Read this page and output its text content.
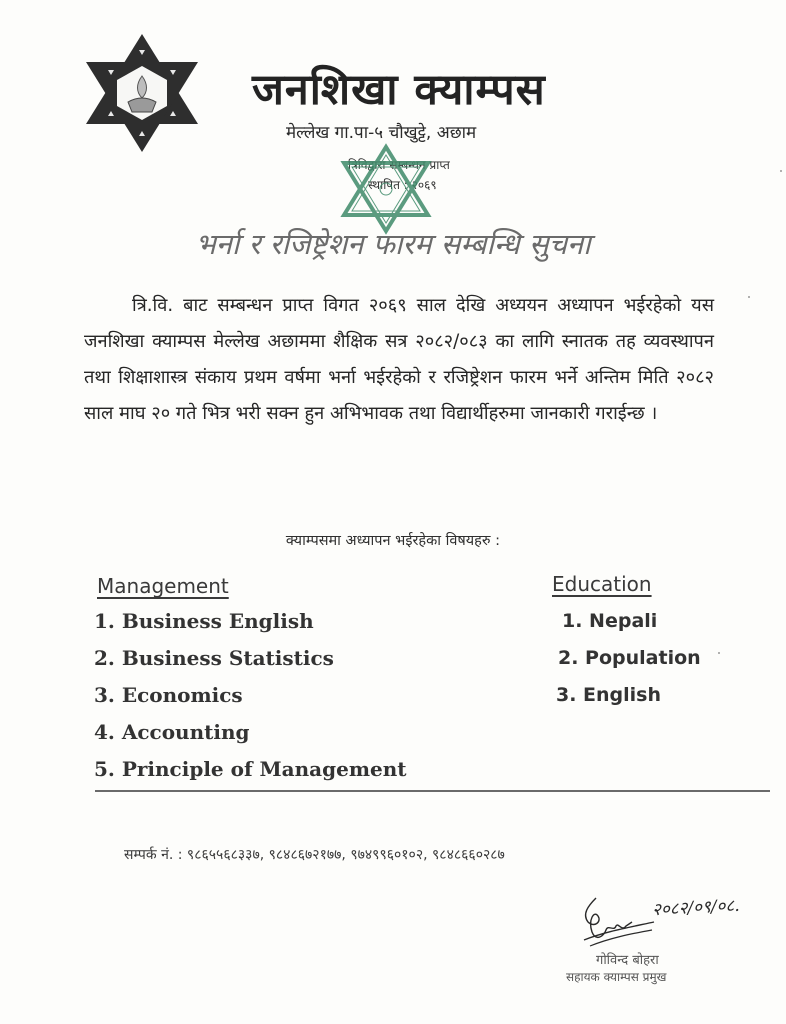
जनशिखा क्याम्पस
मेल्लेख गा.पा-५ चौखुट्टे, अछाम
त्रिविद्वारा सम्बन्धन प्राप्त
स्थापित : २०६९
भर्ना र रजिष्ट्रेशन फारम सम्बन्धि सुचना
त्रि.वि. बाट सम्बन्धन प्राप्त विगत २०६९ साल देखि अध्ययन अध्यापन भईरहेको यस जनशिखा क्याम्पस मेल्लेख अछाममा शैक्षिक सत्र २०८२/०८३ का लागि स्नातक तह व्यवस्थापन तथा शिक्षाशास्त्र संकाय प्रथम वर्षमा भर्ना भईरहेको र रजिष्ट्रेशन फारम भर्ने अन्तिम मिति २०८२ साल माघ २० गते भित्र भरी सक्न हुन अभिभावक तथा विद्यार्थीहरुमा जानकारी गराईन्छ ।
क्याम्पसमा अध्यापन भईरहेका विषयहरु :
Management
1. Business English
2. Business Statistics
3. Economics
4. Accounting
5. Principle of Management
Education
1. Nepali
2. Population
3. English
सम्पर्क नं. : ९८६५५६८३३७, ९८४८६७२१७७, ९७४९९६०१०२, ९८४८६६०२८७
२०८२/०९/०८.
गोविन्द बोहरा
सहायक क्याम्पस प्रमुख
